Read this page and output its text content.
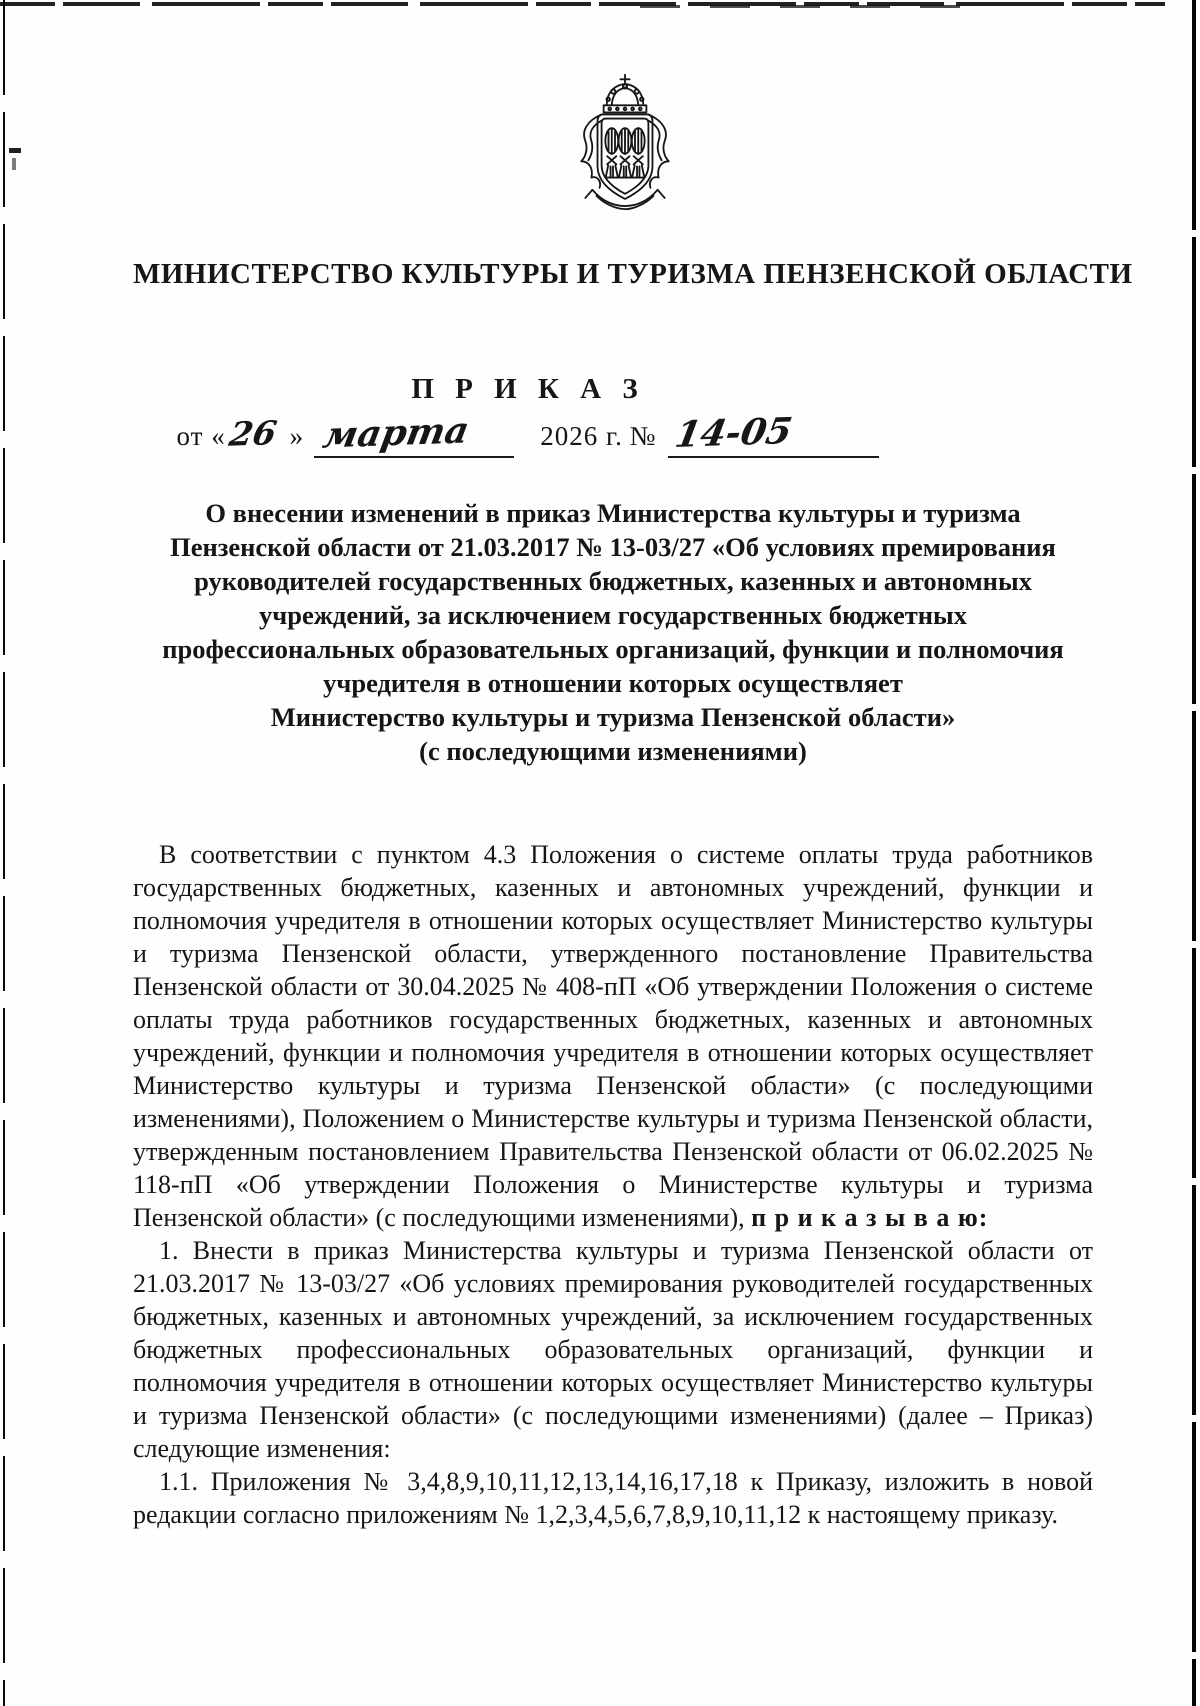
МИНИСТЕРСТВО КУЛЬТУРЫ И ТУРИЗМА ПЕНЗЕНСКОЙ ОБЛАСТИ
П Р И К А З
от «26 » марта	2026 г. № 14-05
О внесении изменений в приказ Министерства культуры и туризма
Пензенской области от 21.03.2017 № 13-03/27 «Об условиях премирования
руководителей государственных бюджетных, казенных и автономных
учреждений, за исключением государственных бюджетных
профессиональных образовательных организаций, функции и полномочия
учредителя в отношении которых осуществляет
Министерство культуры и туризма Пензенской области»
(с последующими изменениями)

В соответствии с пунктом 4.3 Положения о системе оплаты труда работников государственных бюджетных, казенных и автономных учреждений, функции и полномочия учредителя в отношении которых осуществляет Министерство культуры и туризма Пензенской области, утвержденного постановление Правительства Пензенской области от 30.04.2025 № 408-пП «Об утверждении Положения о системе оплаты труда работников государственных бюджетных, казенных и автономных учреждений, функции и полномочия учредителя в отношении которых осуществляет Министерство культуры и туризма Пензенской области» (с последующими изменениями), Положением о Министерстве культуры и туризма Пензенской области, утвержденным постановлением Правительства Пензенской области от 06.02.2025 № 118-пП «Об утверждении Положения о Министерстве культуры и туризма Пензенской области» (с последующими изменениями), п р и к а з ы в а ю:

1. Внести в приказ Министерства культуры и туризма Пензенской области от 21.03.2017 № 13-03/27 «Об условиях премирования руководителей государственных бюджетных, казенных и автономных учреждений, за исключением государственных бюджетных профессиональных образовательных организаций, функции и полномочия учредителя в отношении которых осуществляет Министерство культуры и туризма Пензенской области» (с последующими изменениями) (далее – Приказ) следующие изменения:

1.1. Приложения № 3,4,8,9,10,11,12,13,14,16,17,18 к Приказу, изложить в новой редакции согласно приложениям № 1,2,3,4,5,6,7,8,9,10,11,12 к настоящему приказу.
